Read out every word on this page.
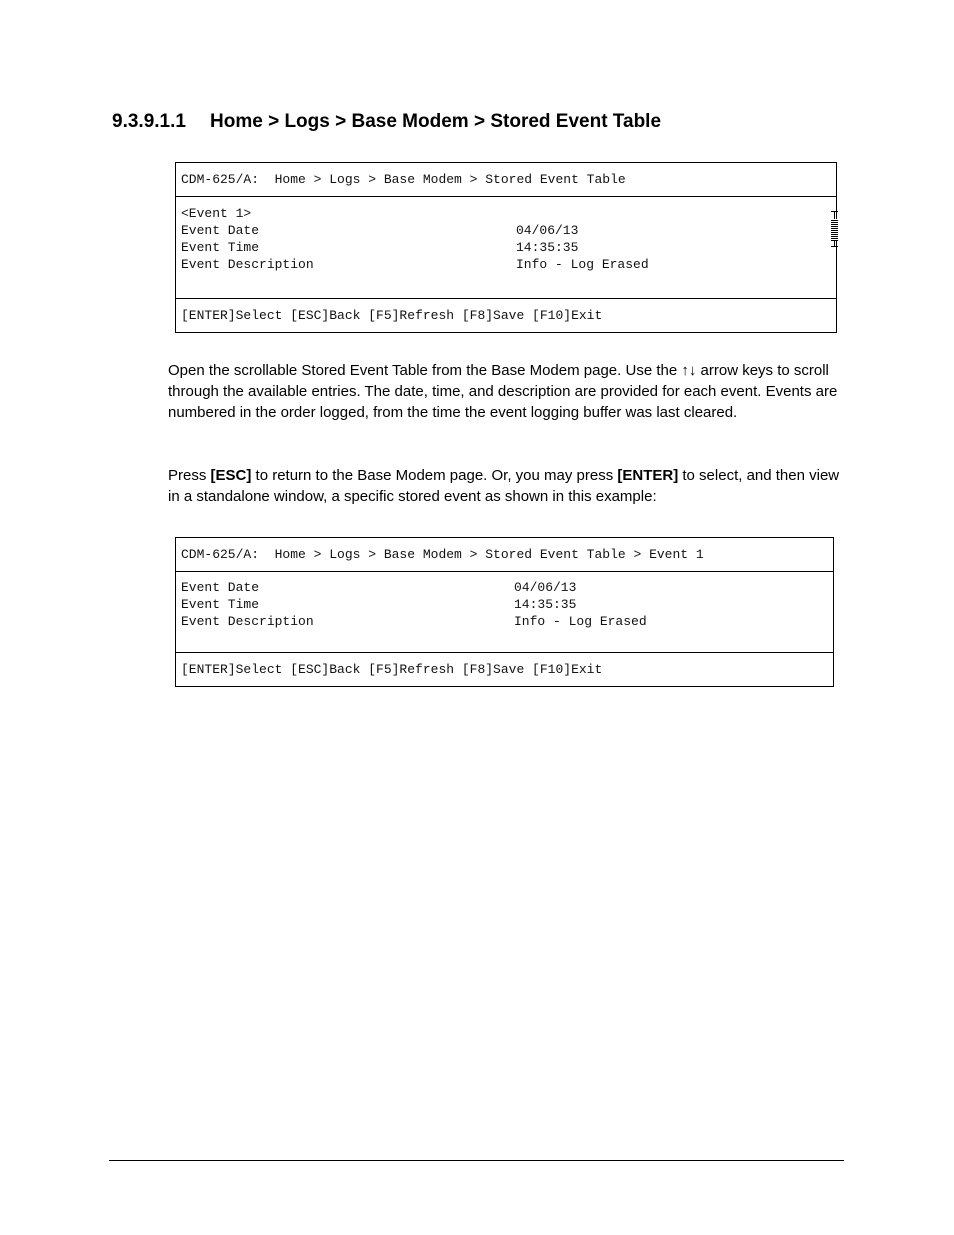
9.3.9.1.1 Home > Logs > Base Modem > Stored Event Table
CDM-625/A:  Home > Logs > Base Modem > Stored Event Table
<Event 1>
Event Date	04/06/13
Event Time	14:35:35
Event Description	Info - Log Erased
[ENTER]Select [ESC]Back [F5]Refresh [F8]Save [F10]Exit
Open the scrollable Stored Event Table from the Base Modem page. Use the ↑↓ arrow keys to scroll through the available entries. The date, time, and description are provided for each event. Events are numbered in the order logged, from the time the event logging buffer was last cleared.
Press [ESC] to return to the Base Modem page. Or, you may press [ENTER] to select, and then view in a standalone window, a specific stored event as shown in this example:
CDM-625/A:  Home > Logs > Base Modem > Stored Event Table > Event 1
Event Date	04/06/13
Event Time	14:35:35
Event Description	Info - Log Erased
[ENTER]Select [ESC]Back [F5]Refresh [F8]Save [F10]Exit
